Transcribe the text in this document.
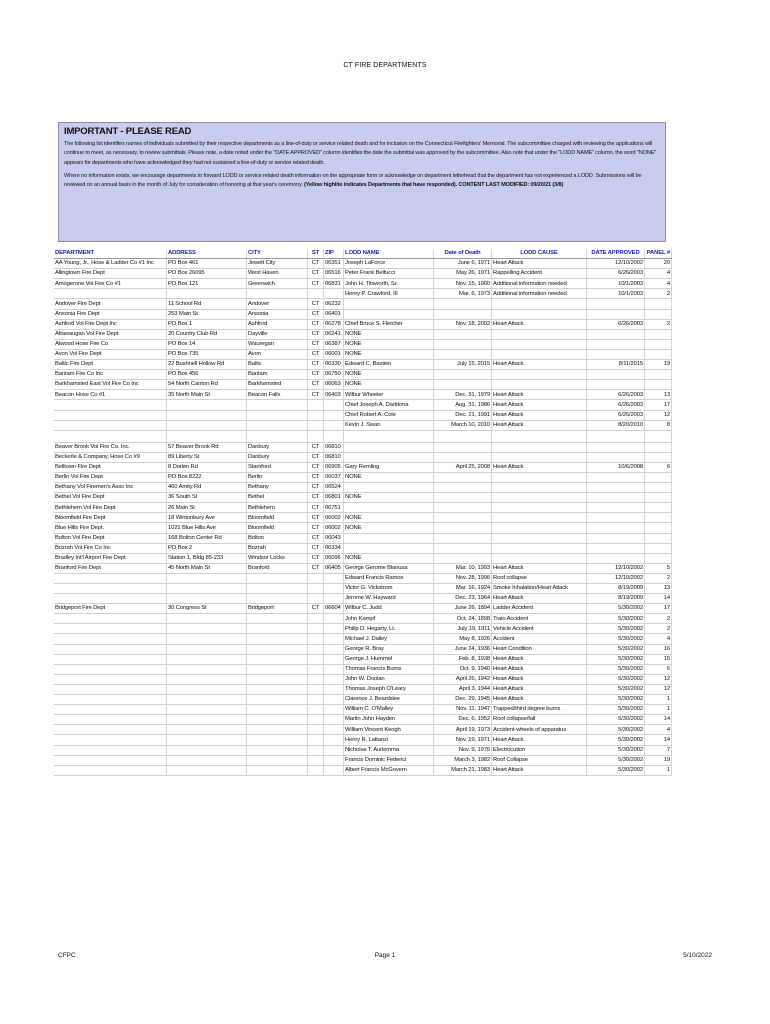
CT FIRE DEPARTMENTS
IMPORTANT - PLEASE READ

The following list identifies names of individuals submitted by their respective departments as a line-of-duty or service related death and for inclusion on the Connecticut Firefighters' Memorial. The subcommittee charged with reviewing the applications will continue to meet, as necessary, to review submittals. Please note, a date noted under the "DATE APPROVED" column identifies the date the submittal was approved by the subcommittee. Also note that under the "LODD NAME" column, the word "NONE" appears for departments who have acknowledged they had not sustained a line-of-duty or service related death.

Where no information exists, we encourage departments to forward LODD or service related death information on the appropriate form or acknowledge on department letterhead that the department has not experienced a LODD. Submissions will be reviewed on an annual basis in the month of July for consideration of honoring at that year's ceremony. (Yellow highlite indicates Departments that have responded). CONTENT LAST MODIFIED: 09/20/21 (3/8)

DEPARTMENT	ADDRESS	CITY	ST	ZIP	LODD NAME	Date of Death	LODD CAUSE	DATE APPROVED	PANEL #
AA Young, Jr., Hose & Ladder Co #1 Inc	PO Box 461	Jewett City	CT	06351	Joseph LaForce	June 6, 1971	Heart Attack	12/10/2002	20
Allingtown Fire Dept	PO Box 26095	West Haven	CT	06516	Peter Frank Belfucci	May 26, 1971	Rappelling Accident	6/26/2003	4
Amogerone Vol Fire Co #1	PO Box 121	Greenwich	CT	06831	John H. Titsworth, Sr.	Nov. 15, 1960	Additional information needed	10/1/2003	4
					Henry P. Crawford, III	Mar. 6, 1973	Additional information needed	10/1/2003	2
Andover Fire Dept	11 School Rd	Andover	CT	06232					
Ansonia Fire Dept	253 Main St	Ansonia	CT	06401					
Ashford Vol Fire Dept Inc	PO Box 1	Ashford	CT	06278	Chief Bruce S. Fletcher	Nov. 18, 2002	Heart Attack	6/26/2003	2
Attawaugan Vol Fire Dept	20 Country Club Rd	Dayville	CT	06241	NONE				
Atwood Hose Fire Co	PO Box 14	Wauregan	CT	06387	NONE				
Avon Vol Fire Dept	PO Box 735	Avon	CT	06001	NONE				
Baltic Fire Dept	22 Bushnell Hollow Rd	Baltic	CT	06330	Edward C. Bastien	July 15, 2015	Heart Attack	8/11/2015	19
Bantam Fire Co Inc	PO Box 456	Bantam	CT	06750	NONE				
Barkhamsted East Vol Fire Co Inc	54 North Canton Rd	Barkhamsted	CT	06063	NONE				
Beacon Hose Co #1	35 North Main St	Beacon Falls	CT	06403	Wilbur Wheeler	Dec. 31, 1979	Heart Attack	6/26/2003	13
					Chief Joseph A. Daddona	Aug. 31, 1986	Heart Attack	6/26/2003	17
					Chief Robert A. Cole	Dec. 21, 1991	Heart Attack	6/26/2003	12
					Kevin J. Swan	March 10, 2010	Heart Attack	8/20/2010	8

Beaver Brook Vol Fire Co. Inc.	57 Beaver Brook Rd	Danbury	CT	06810					
Beckerle & Company, Hose Co #9	89 Liberty St	Danbury	CT	06810					
Belltown Fire Dept	8 Dorlen Rd	Stamford	CT	06905	Gary Remling	April 25, 2008	Heart Attack	10/6/2008	6
Berlin Vol Fire Dept	PO Box 8222	Berlin	CT	06037	NONE				
Bethany Vol Firemen's Asso Inc	460 Amity Rd	Bethany	CT	06524					
Bethel Vol Fire Dept	36 South St	Bethel	CT	06801	NONE				
Bethlehem Vol Fire Dept	26 Main St	Bethlehem	CT	06751					
Bloomfield Fire Dept	18 Wintonbury Ave	Bloomfield	CT	06002	NONE				
Blue Hills Fire Dept.	1021 Blue Hills Ave	Bloomfield	CT	06002	NONE				
Bolton Vol Fire Dept	168 Bolton Center Rd	Bolton	CT	06043					
Bozrah Vol Fire Co Inc	PO Box 2	Bozrah	CT	06334					
Bradley Int'l Airport Fire Dept	Station 1, Bldg 85-233	Windsor Locks	CT	06096	NONE				
Branford Fire Dept	45 North Main St	Branford	CT	06405	George Gerome Blanusa	Mar. 10, 1993	Heart Attack	12/10/2002	5
					Edward Francis Ramos	Nov. 28, 1996	Roof collapse	12/10/2002	2
					Victor G. Vickstrom	Mar. 16, 1924	Smoke Inhalation/Heart Attack	8/19/2009	13
					Jerome W. Hayward	Dec. 23, 1964	Heart Attack	8/19/2009	14
Bridgeport Fire Dept	30 Congress St	Bridgeport	CT	06604	Wilbur C. Judd	June 26, 1894	Ladder Accident	5/30/2002	17
					John Kampf	Oct. 24, 1898	Train Accident	5/30/2002	2
					Philip D. Hegarty, Lt.	July 19, 1911	Vehicle Accident	5/30/2002	2
					Michael J. Dailey	May 8, 1926	Accident	5/30/2002	4
					George R. Bray	June 24, 1936	Heart Condition	5/30/2002	16
					George J. Hummel	Feb. 8, 1938	Heart Attack	5/30/2002	15
					Thomas Francis Burns	Oct. 9, 1940	Heart Attack	5/30/2002	6
					John W. Doolan	April 26, 1942	Heart Attack	5/30/2002	12
					Thomas Joseph O'Leary	April 3, 1944	Heart Attack	5/30/2002	12
					Clarence J. Beardslee	Dec. 29, 1945	Heart Attack	5/30/2002	1
					William C. O'Malley	Nov. 11, 1947	Trapped/third degree burns	5/30/2002	1
					Martin John Hayden	Dec. 6, 1952	Roof collapse/fall	5/30/2002	14
					William Vincent Keogh	April 19, 1973	Accident-wheels of apparatus	5/30/2002	4
					Henry R. Lattanzi	Nov. 19, 1971	Heart Attack	5/30/2002	14
					Nicholas T. Aurlemma	Nov. 9, 1976	Electrocution	5/30/2002	7
					Francis Dominic Federici	March 3, 1982	Roof Collapse	5/30/2002	19
					Albert Francis McGovern	March 21, 1983	Heart Attack	5/30/2002	1
CFPC	Page 1	5/10/2022
